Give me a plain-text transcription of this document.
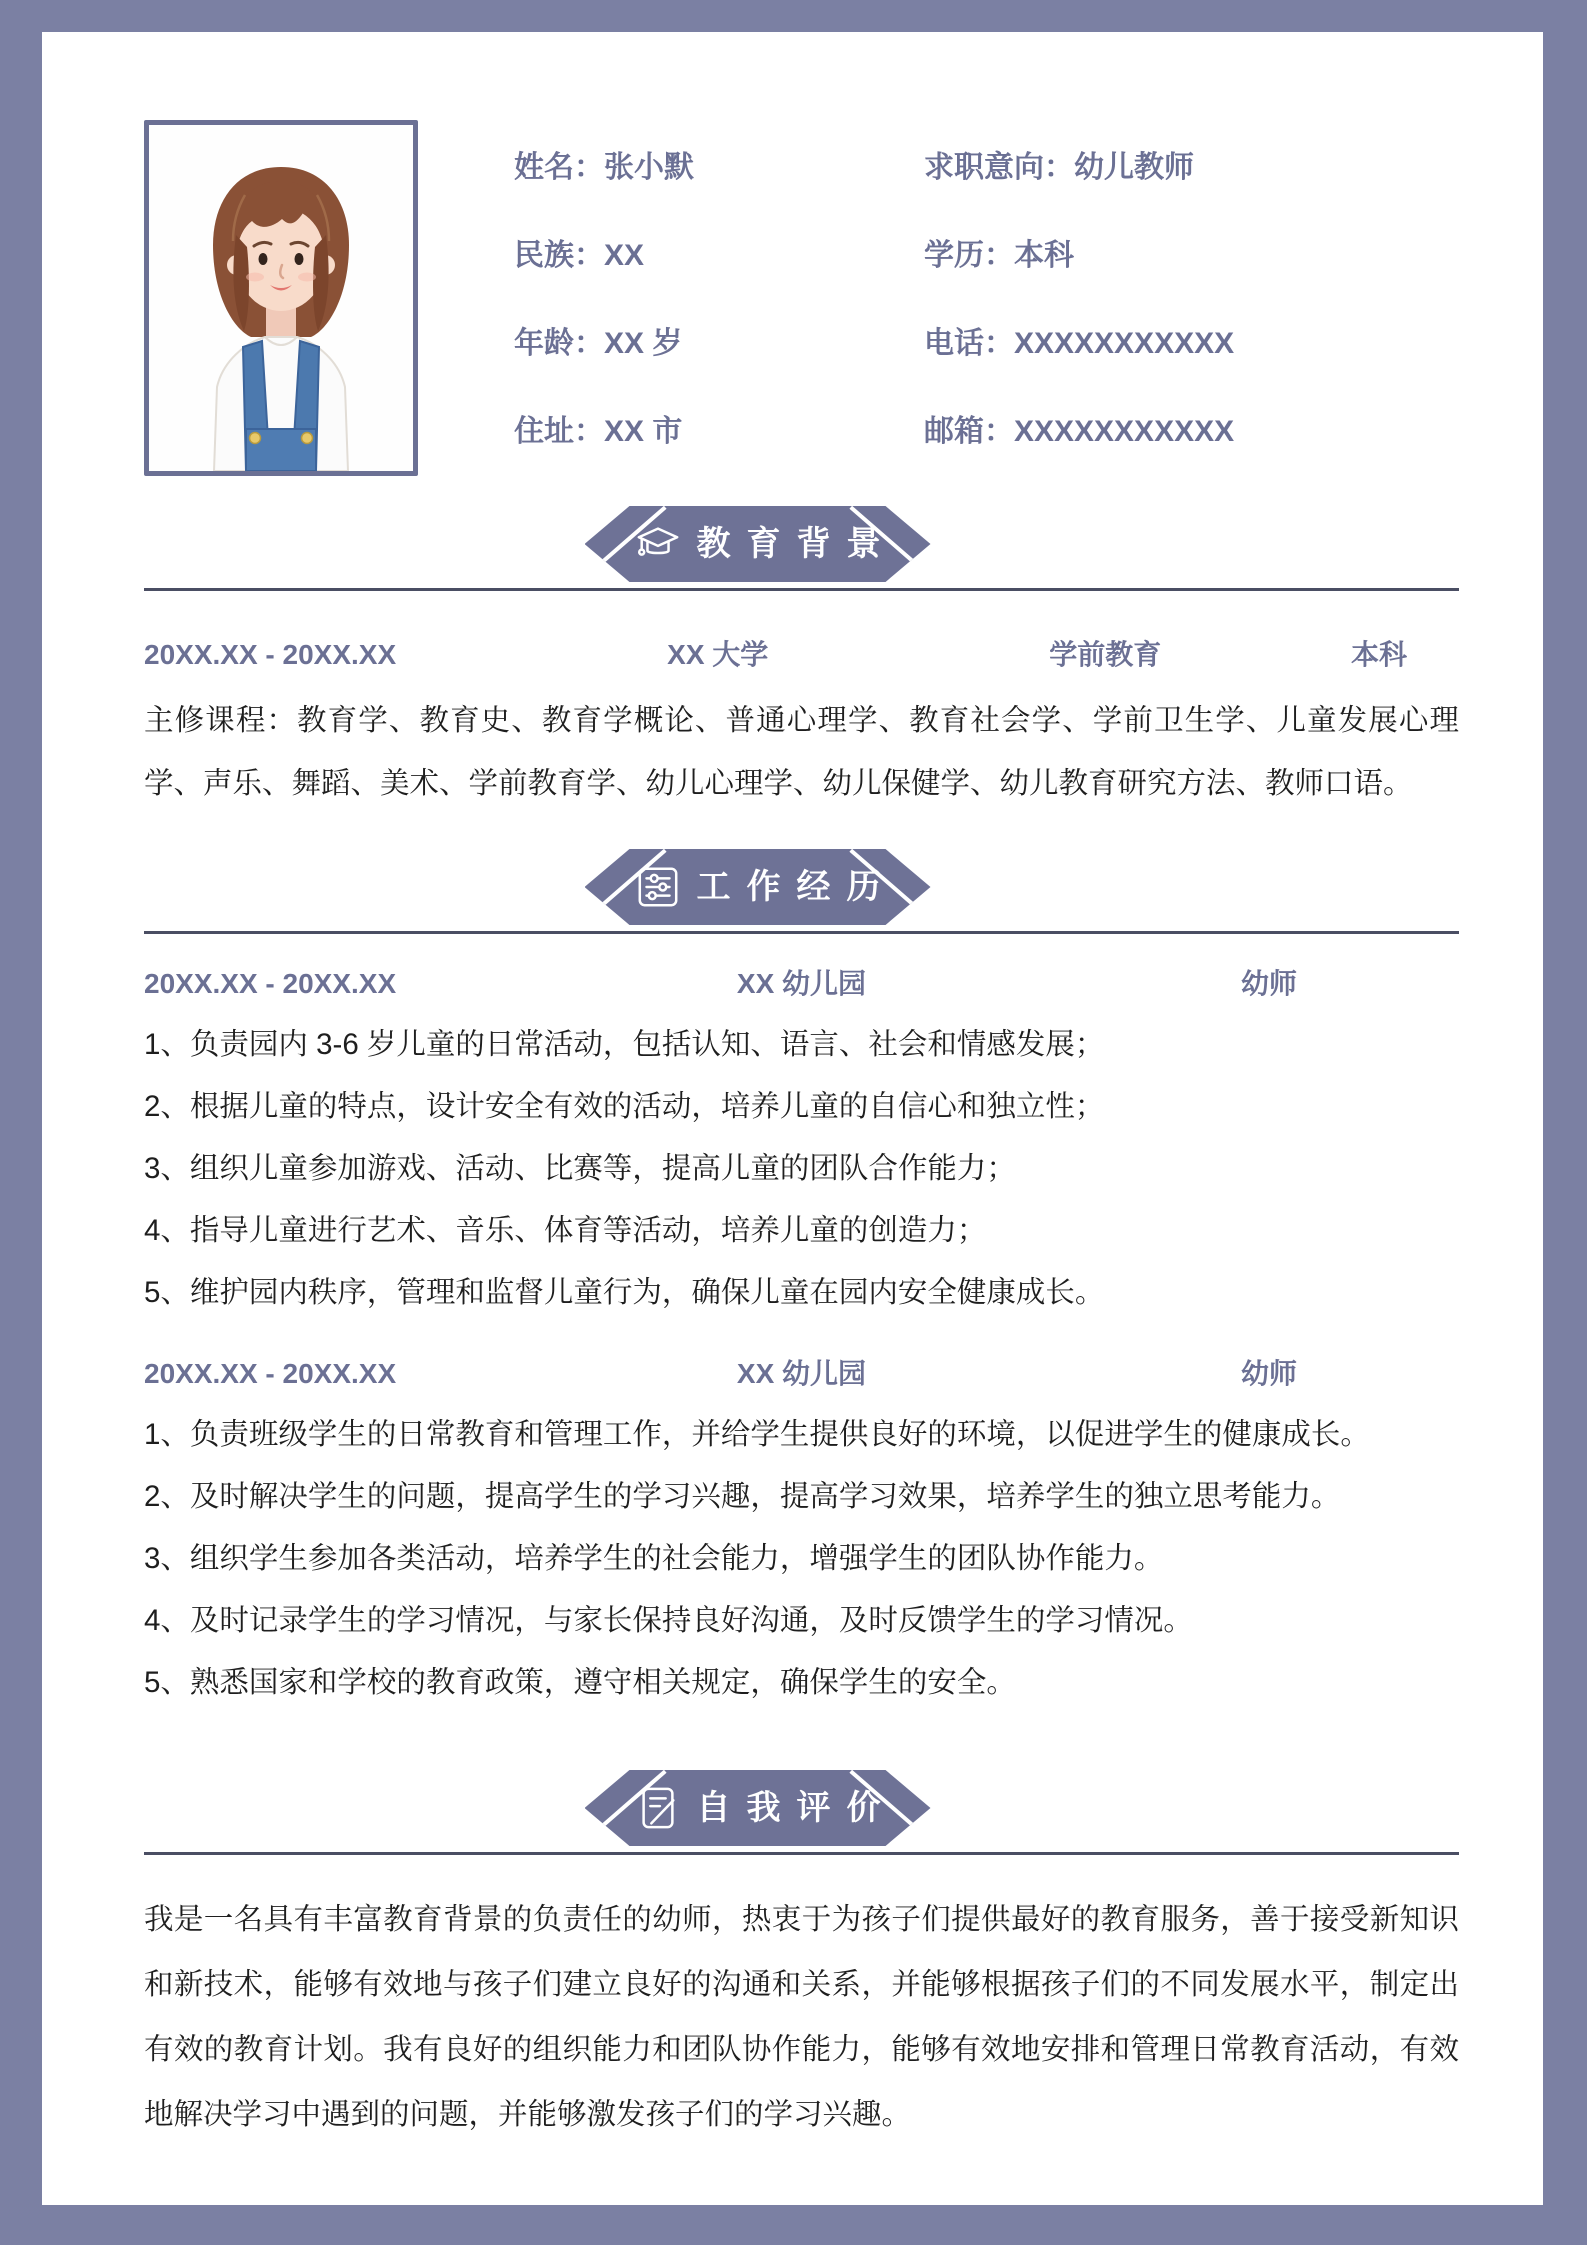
姓名：张小默	求职意向：幼儿教师
民族：XX	学历：本科
年龄：XX 岁	电话：XXXXXXXXXXX
住址：XX 市	邮箱：XXXXXXXXXXX
教育背景
20XX.XX - 20XX.XX	XX 大学	学前教育	本科

主修课程：教育学、教育史、教育学概论、普通心理学、教育社会学、学前卫生学、儿童发展心理学、声乐、舞蹈、美术、学前教育学、幼儿心理学、幼儿保健学、幼儿教育研究方法、教师口语。

工作经历
20XX.XX - 20XX.XX	XX 幼儿园	幼师

1、负责园内 3-6 岁儿童的日常活动，包括认知、语言、社会和情感发展；

2、根据儿童的特点，设计安全有效的活动，培养儿童的自信心和独立性；

3、组织儿童参加游戏、活动、比赛等，提高儿童的团队合作能力；

4、指导儿童进行艺术、音乐、体育等活动，培养儿童的创造力；

5、维护园内秩序，管理和监督儿童行为，确保儿童在园内安全健康成长。

20XX.XX - 20XX.XX	XX 幼儿园	幼师

1、负责班级学生的日常教育和管理工作，并给学生提供良好的环境，以促进学生的健康成长。

2、及时解决学生的问题，提高学生的学习兴趣，提高学习效果，培养学生的独立思考能力。

3、组织学生参加各类活动，培养学生的社会能力，增强学生的团队协作能力。

4、及时记录学生的学习情况，与家长保持良好沟通，及时反馈学生的学习情况。

5、熟悉国家和学校的教育政策，遵守相关规定，确保学生的安全。

自我评价

我是一名具有丰富教育背景的负责任的幼师，热衷于为孩子们提供最好的教育服务，善于接受新知识和新技术，能够有效地与孩子们建立良好的沟通和关系，并能够根据孩子们的不同发展水平，制定出有效的教育计划。我有良好的组织能力和团队协作能力，能够有效地安排和管理日常教育活动，有效地解决学习中遇到的问题，并能够激发孩子们的学习兴趣。
